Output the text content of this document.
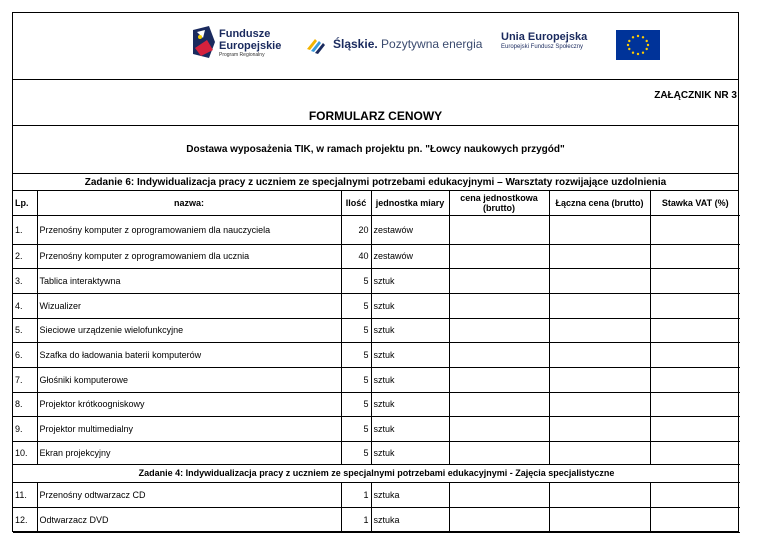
Fundusze
Europejskie
Program Regionalny
Śląskie. Pozytywna energia Unia Europejska
Europejski Fundusz Społeczny
ZAŁĄCZNIK NR 3
FORMULARZ CENOWY
Dostawa wyposażenia TIK, w ramach projektu pn. "Łowcy naukowych przygód"
Zadanie 6: Indywidualizacja pracy z uczniem ze specjalnymi potrzebami edukacyjnymi – Warsztaty rozwijające uzdolnienia
Lp.	nazwa:	Ilość	jednostka miary	cena jednostkowa (brutto)	Łączna cena (brutto)	Stawka VAT (%)
1.	Przenośny komputer z oprogramowaniem dla nauczyciela	20	zestawów			
2.	Przenośny komputer z oprogramowaniem dla ucznia	40	zestawów			
3.	Tablica interaktywna	5	sztuk			
4.	Wizualizer	5	sztuk			
5.	Sieciowe urządzenie wielofunkcyjne	5	sztuk			
6.	Szafka do ładowania baterii komputerów	5	sztuk			
7.	Głośniki komputerowe	5	sztuk			
8.	Projektor krótkoogniskowy	5	sztuk			
9.	Projektor multimedialny	5	sztuk			
10.	Ekran projekcyjny	5	sztuk			
Zadanie 4: Indywidualizacja pracy z uczniem ze specjalnymi potrzebami edukacyjnymi - Zajęcia specjalistyczne						
11.	Przenośny odtwarzacz CD	1	sztuka			
12.	Odtwarzacz DVD	1	sztuka			
